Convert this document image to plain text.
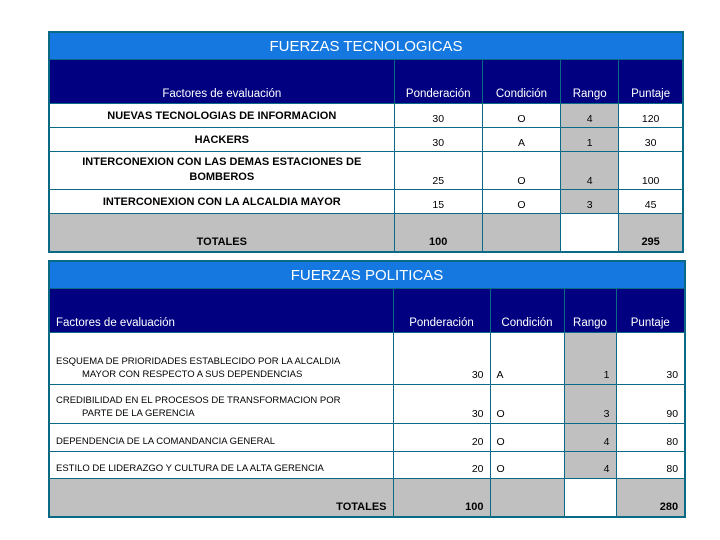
FUERZAS TECNOLOGICAS				
Factores de evaluación	Ponderación	Condición	Rango	Puntaje
NUEVAS TECNOLOGIAS DE INFORMACION	30	O	4	120
HACKERS	30	A	1	30
INTERCONEXION CON LAS DEMAS ESTACIONES DE BOMBEROS	25	O	4	100
INTERCONEXION CON LA ALCALDIA MAYOR	15	O	3	45
TOTALES	100			295
FUERZAS POLITICAS				
Factores de evaluación	Ponderación	Condición	Rango	Puntaje
ESQUEMA DE PRIORIDADES ESTABLECIDO POR LA ALCALDIA
MAYOR CON RESPECTO A SUS DEPENDENCIAS	30	A	1	30
CREDIBILIDAD EN EL PROCESOS DE TRANSFORMACION POR
PARTE DE LA GERENCIA	30	O	3	90
DEPENDENCIA DE LA COMANDANCIA GENERAL	20	O	4	80
ESTILO DE LIDERAZGO Y CULTURA DE LA ALTA GERENCIA	20	O	4	80
TOTALES	100			280
